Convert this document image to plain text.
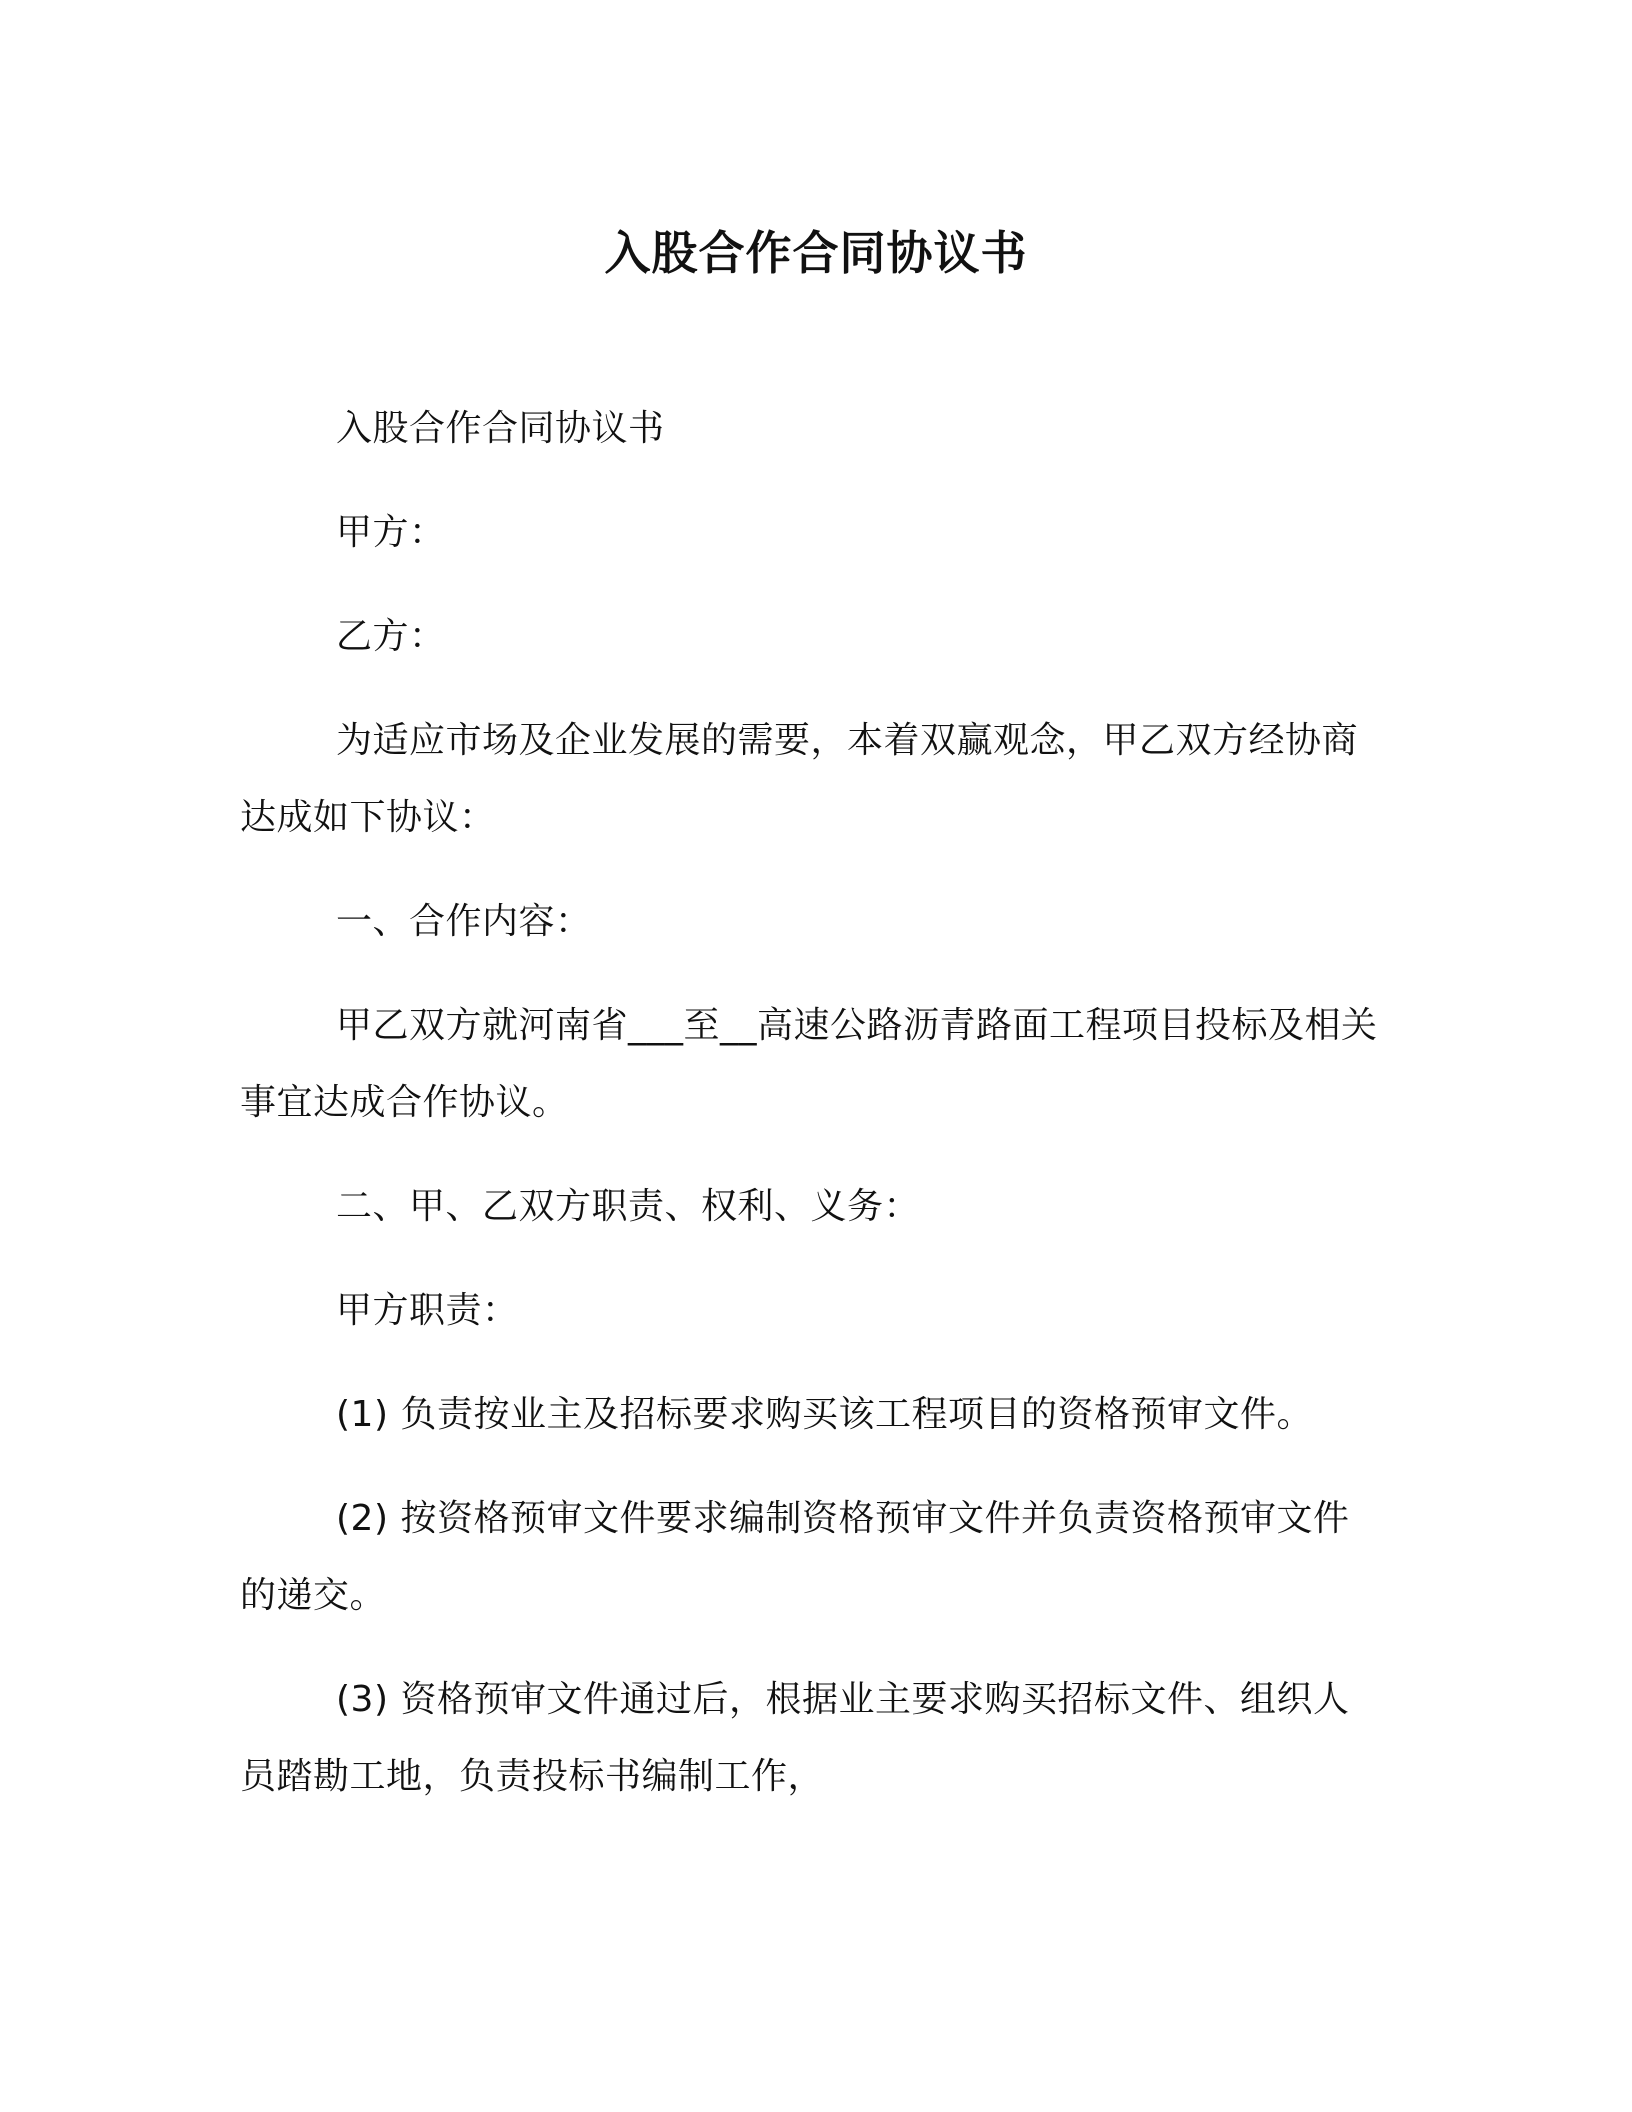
入股合作合同协议书

入股合作合同协议书

甲方：

乙方：

为适应市场及企业发展的需要，本着双赢观念，甲乙双方经协商达成如下协议：

一、合作内容：

甲乙双方就河南省___至__高速公路沥青路面工程项目投标及相关事宜达成合作协议。

二、甲、乙双方职责、权利、义务：

甲方职责：

(1) 负责按业主及招标要求购买该工程项目的资格预审文件。

(2) 按资格预审文件要求编制资格预审文件并负责资格预审文件的递交。

(3) 资格预审文件通过后，根据业主要求购买招标文件、组织人员踏勘工地，负责投标书编制工作，
